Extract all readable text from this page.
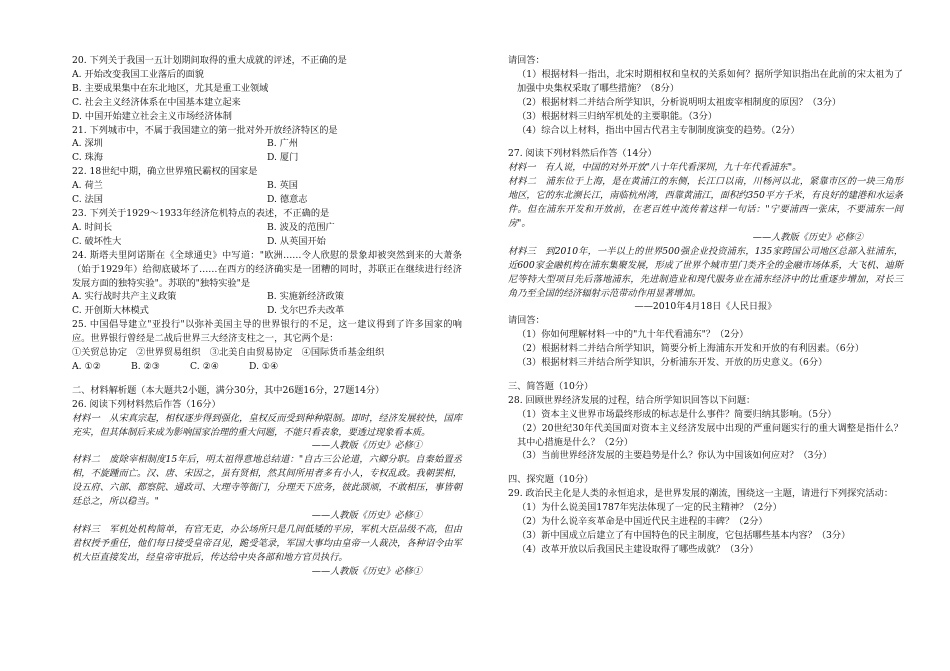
20. 下列关于我国一五计划期间取得的重大成就的评述，不正确的是
A. 开始改变我国工业落后的面貌
B. 主要成果集中在东北地区，尤其是重工业领域
C. 社会主义经济体系在中国基本建立起来
D. 中国开始建立社会主义市场经济体制
21. 下列城市中，不属于我国建立的第一批对外开放经济特区的是
A. 深圳	B. 广州
C. 珠海	D. 厦门
22. 18世纪中期，确立世界殖民霸权的国家是
A. 荷兰	B. 英国
C. 法国	D. 德意志
23. 下列关于1929～1933年经济危机特点的表述，不正确的是
A. 时间长	B. 波及的范围广
C. 破坏性大	D. 从英国开始
24. 斯塔夫里阿诺斯在《全球通史》中写道："欧洲……令人欣慰的景象却被突然到来的大萧条（始于1929年）给彻底破坏了……在西方的经济确实是一团糟的同时，苏联正在继续进行经济发展方面的独特实验"。苏联的"独特实验"是
A. 实行战时共产主义政策	B. 实施新经济政策
C. 开创斯大林模式	D. 戈尔巴乔夫改革
25. 中国倡导建立"亚投行"以弥补美国主导的世界银行的不足，这一建议得到了许多国家的响应。世界银行曾经是二战后世界三大经济支柱之一，其它两个是：
①关贸总协定　②世界贸易组织　③北美自由贸易协定　④国际货币基金组织
A. ①②	B. ②③	C. ②④	D. ①④
二、材料解析题（本大题共2小题，满分30分，其中26题16分，27题14分）
26. 阅读下列材料然后作答（16分）
材料一　从宋真宗起，相权逐步得到强化，皇权反而受到种种限制。即时，经济发展较快，国库充实，但其体制后来成为影响国家治理的重大问题，不能只看表象，要透过现象看本质。
——人教版《历史》必修①
材料二　废除宰相制度15年后，明太祖得意地总结道："自古三公论道，六卿分职。自秦始置丞相，不旋踵而亡。汉、唐、宋因之，虽有贤相，然其间所用者多有小人，专权乱政。我朝罢相，设五府、六部、都察院、通政司、大理寺等衙门，分理天下庶务，彼此颉颃，不敢相压，事皆朝廷总之，所以稳当。"
——人教版《历史》必修①
材料三　军机处机构简单，有官无吏，办公场所只是几间低矮的平房，军机大臣品级不高，但由君权授予重任，他们每日接受皇帝召见，跪受笔录，军国大事均由皇帝一人裁决，各种诏令由军机大臣直接发出，经皇帝审批后，传达给中央各部和地方官员执行。
——人教版《历史》必修①
请回答：
（1）根据材料一指出，北宋时期相权和皇权的关系如何？据所学知识指出在此前的宋太祖为了加强中央集权采取了哪些措施？（8分）
（2）根据材料二并结合所学知识，分析说明明太祖废宰相制度的原因？（3分）
（3）根据材料三归纳军机处的主要职能。（3分）
（4）综合以上材料，指出中国古代君主专制制度演变的趋势。（2分）
27. 阅读下列材料然后作答（14分）
材料一　有人说，中国的对外开放"八十年代看深圳，九十年代看浦东"。
材料二　浦东位于上海，是在黄浦江的东侧，长江口以南，川杨河以北，紧靠市区的一块三角形地区，它的东北濒长江，南临杭州湾，西靠黄浦江，面积约350平方千米，有良好的建港和水运条件。但在浦东开发和开放前，在老百姓中流传着这样一句话："宁要浦西一张床，不要浦东一间房"。
——人教版《历史》必修②
材料三　到2010年，一半以上的世界500强企业投资浦东，135家跨国公司地区总部入驻浦东，近600家金融机构在浦东集聚发展，形成了世界个城市里门类齐全的金融市场体系，大飞机、迪斯尼等特大型项目先后落地浦东，先进制造业和现代服务业在浦东经济中的比重逐步增加，对长三角乃至全国的经济辐射示范带动作用显著增加。
——2010年4月18日《人民日报》
请回答：
（1）你如何理解材料一中的"九十年代看浦东"？（2分）
（2）根据材料二并结合所学知识，简要分析上海浦东开发和开放的有利因素。（6分）
（3）根据材料三并结合所学知识，分析浦东开发、开放的历史意义。（6分）
三、简答题（10分）
28. 回顾世界经济发展的过程，结合所学知识回答以下问题：
（1）资本主义世界市场最终形成的标志是什么事件？简要归纳其影响。（5分）
（2）20世纪30年代美国面对资本主义经济发展中出现的严重问题实行的重大调整是指什么？其中心措施是什么？（2分）
（3）当前世界经济发展的主要趋势是什么？你认为中国该如何应对？（3分）
四、探究题（10分）
29. 政治民主化是人类的永恒追求，是世界发展的潮流，围绕这一主题，请进行下列探究活动：
（1）为什么说美国1787年宪法体现了一定的民主精神？（2分）
（2）为什么说辛亥革命是中国近代民主进程的丰碑？（2分）
（3）新中国成立后建立了有中国特色的民主制度，它包括哪些基本内容？（3分）
（4）改革开放以后我国民主建设取得了哪些成就？（3分）
